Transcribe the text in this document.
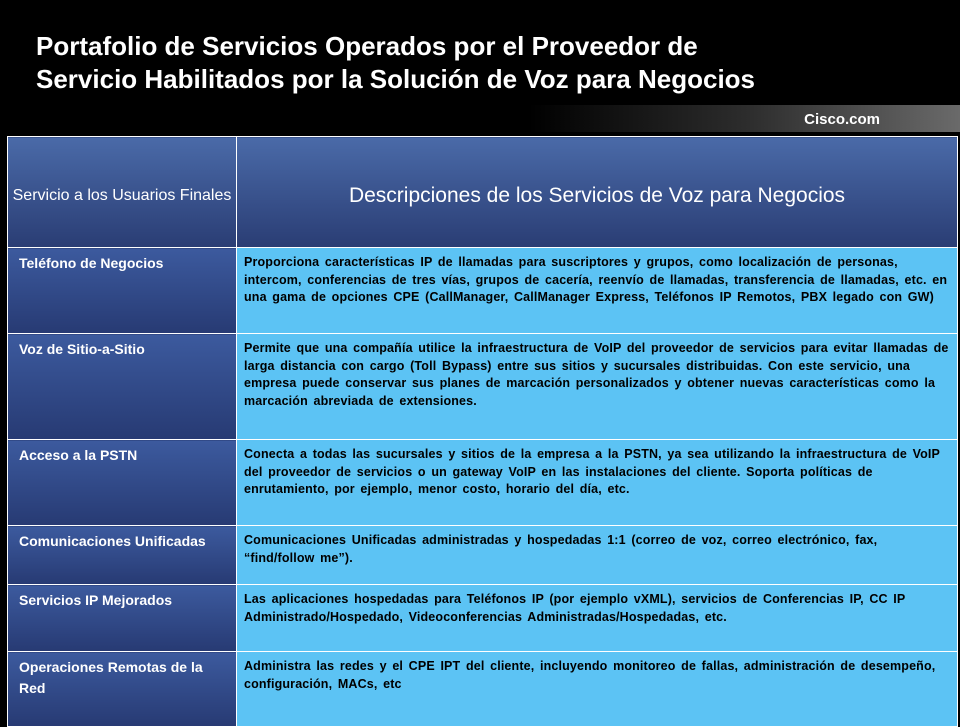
Portafolio de Servicios Operados por el Proveedor de
Servicio Habilitados por la Solución de Voz para Negocios
Cisco.com
Servicio a los Usuarios Finales	Descripciones de los Servicios de Voz para Negocios
Teléfono de Negocios	Proporciona características IP de llamadas para suscriptores y grupos, como localización de personas, intercom, conferencias de tres vías, grupos de cacería, reenvío de llamadas, transferencia de llamadas, etc. en una gama de opciones CPE (CallManager, CallManager Express, Teléfonos IP Remotos, PBX legado con GW)
Voz de Sitio-a-Sitio	Permite que una compañía utilice la infraestructura de VoIP del proveedor de servicios para evitar llamadas de larga distancia con cargo (Toll Bypass) entre sus sitios y sucursales distribuidas. Con este servicio, una empresa puede conservar sus planes de marcación personalizados y obtener nuevas características como la marcación abreviada de extensiones.
Acceso a la PSTN	Conecta a todas las sucursales y sitios de la empresa a la PSTN, ya sea utilizando la infraestructura de VoIP del proveedor de servicios o un gateway VoIP en las instalaciones del cliente. Soporta políticas de enrutamiento, por ejemplo, menor costo, horario del día, etc.
Comunicaciones Unificadas	Comunicaciones Unificadas administradas y hospedadas 1:1 (correo de voz, correo electrónico, fax, “find/follow me”).
Servicios IP Mejorados	Las aplicaciones hospedadas para Teléfonos IP (por ejemplo vXML), servicios de Conferencias IP, CC IP Administrado/Hospedado, Videoconferencias Administradas/Hospedadas, etc.
Operaciones Remotas de la Red	Administra las redes y el CPE IPT del cliente, incluyendo monitoreo de fallas, administración de desempeño, configuración, MACs, etc
